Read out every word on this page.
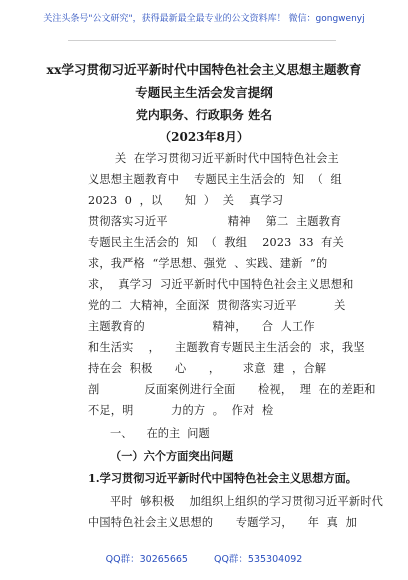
关注头条号"公文研究"，获得最新最全最专业的公文资料库！ 微信：gongwenyj
xx学习贯彻习近平新时代中国特色社会主义思想主题教育
专题民主生活会发言提纲
党内职务、行政职务 姓名
（2023年8月）
关  在学习贯彻习近平新时代中国特色社会主
义思想主题教育中    专题民主生活会的  知  （  组
2023  0  ，以      知  ）  关    真学习
贯彻落实习近平                精神    第二  主题教育
专题民主生活会的  知  （  教组    2023  33  有关
求，我严格  “学思想、强党  、实践、建新  ”的
求，  真学习  习近平新时代中国特色社会主义思想和
党的二  大精神，全面深  贯彻落实习近平          关
主题教育的                  精神，    合  人工作
和生活实    ，    主题教育专题民主生活会的  求，我坚
持在会  积极      心      ，      求意  建  ，合解
剖            反面案例进行全面      检视，  理  在的差距和
不足，明          力的方  。  作对  检
一、    在的主  问题
（一）六个方面突出问题
1.学习贯彻习近平新时代中国特色社会主义思想方面。
平时  够积极    加组织上组织的学习贯彻习近平新时代
中国特色社会主义思想的      专题学习，    年  真  加
QQ群：30265665	QQ群：535304092
